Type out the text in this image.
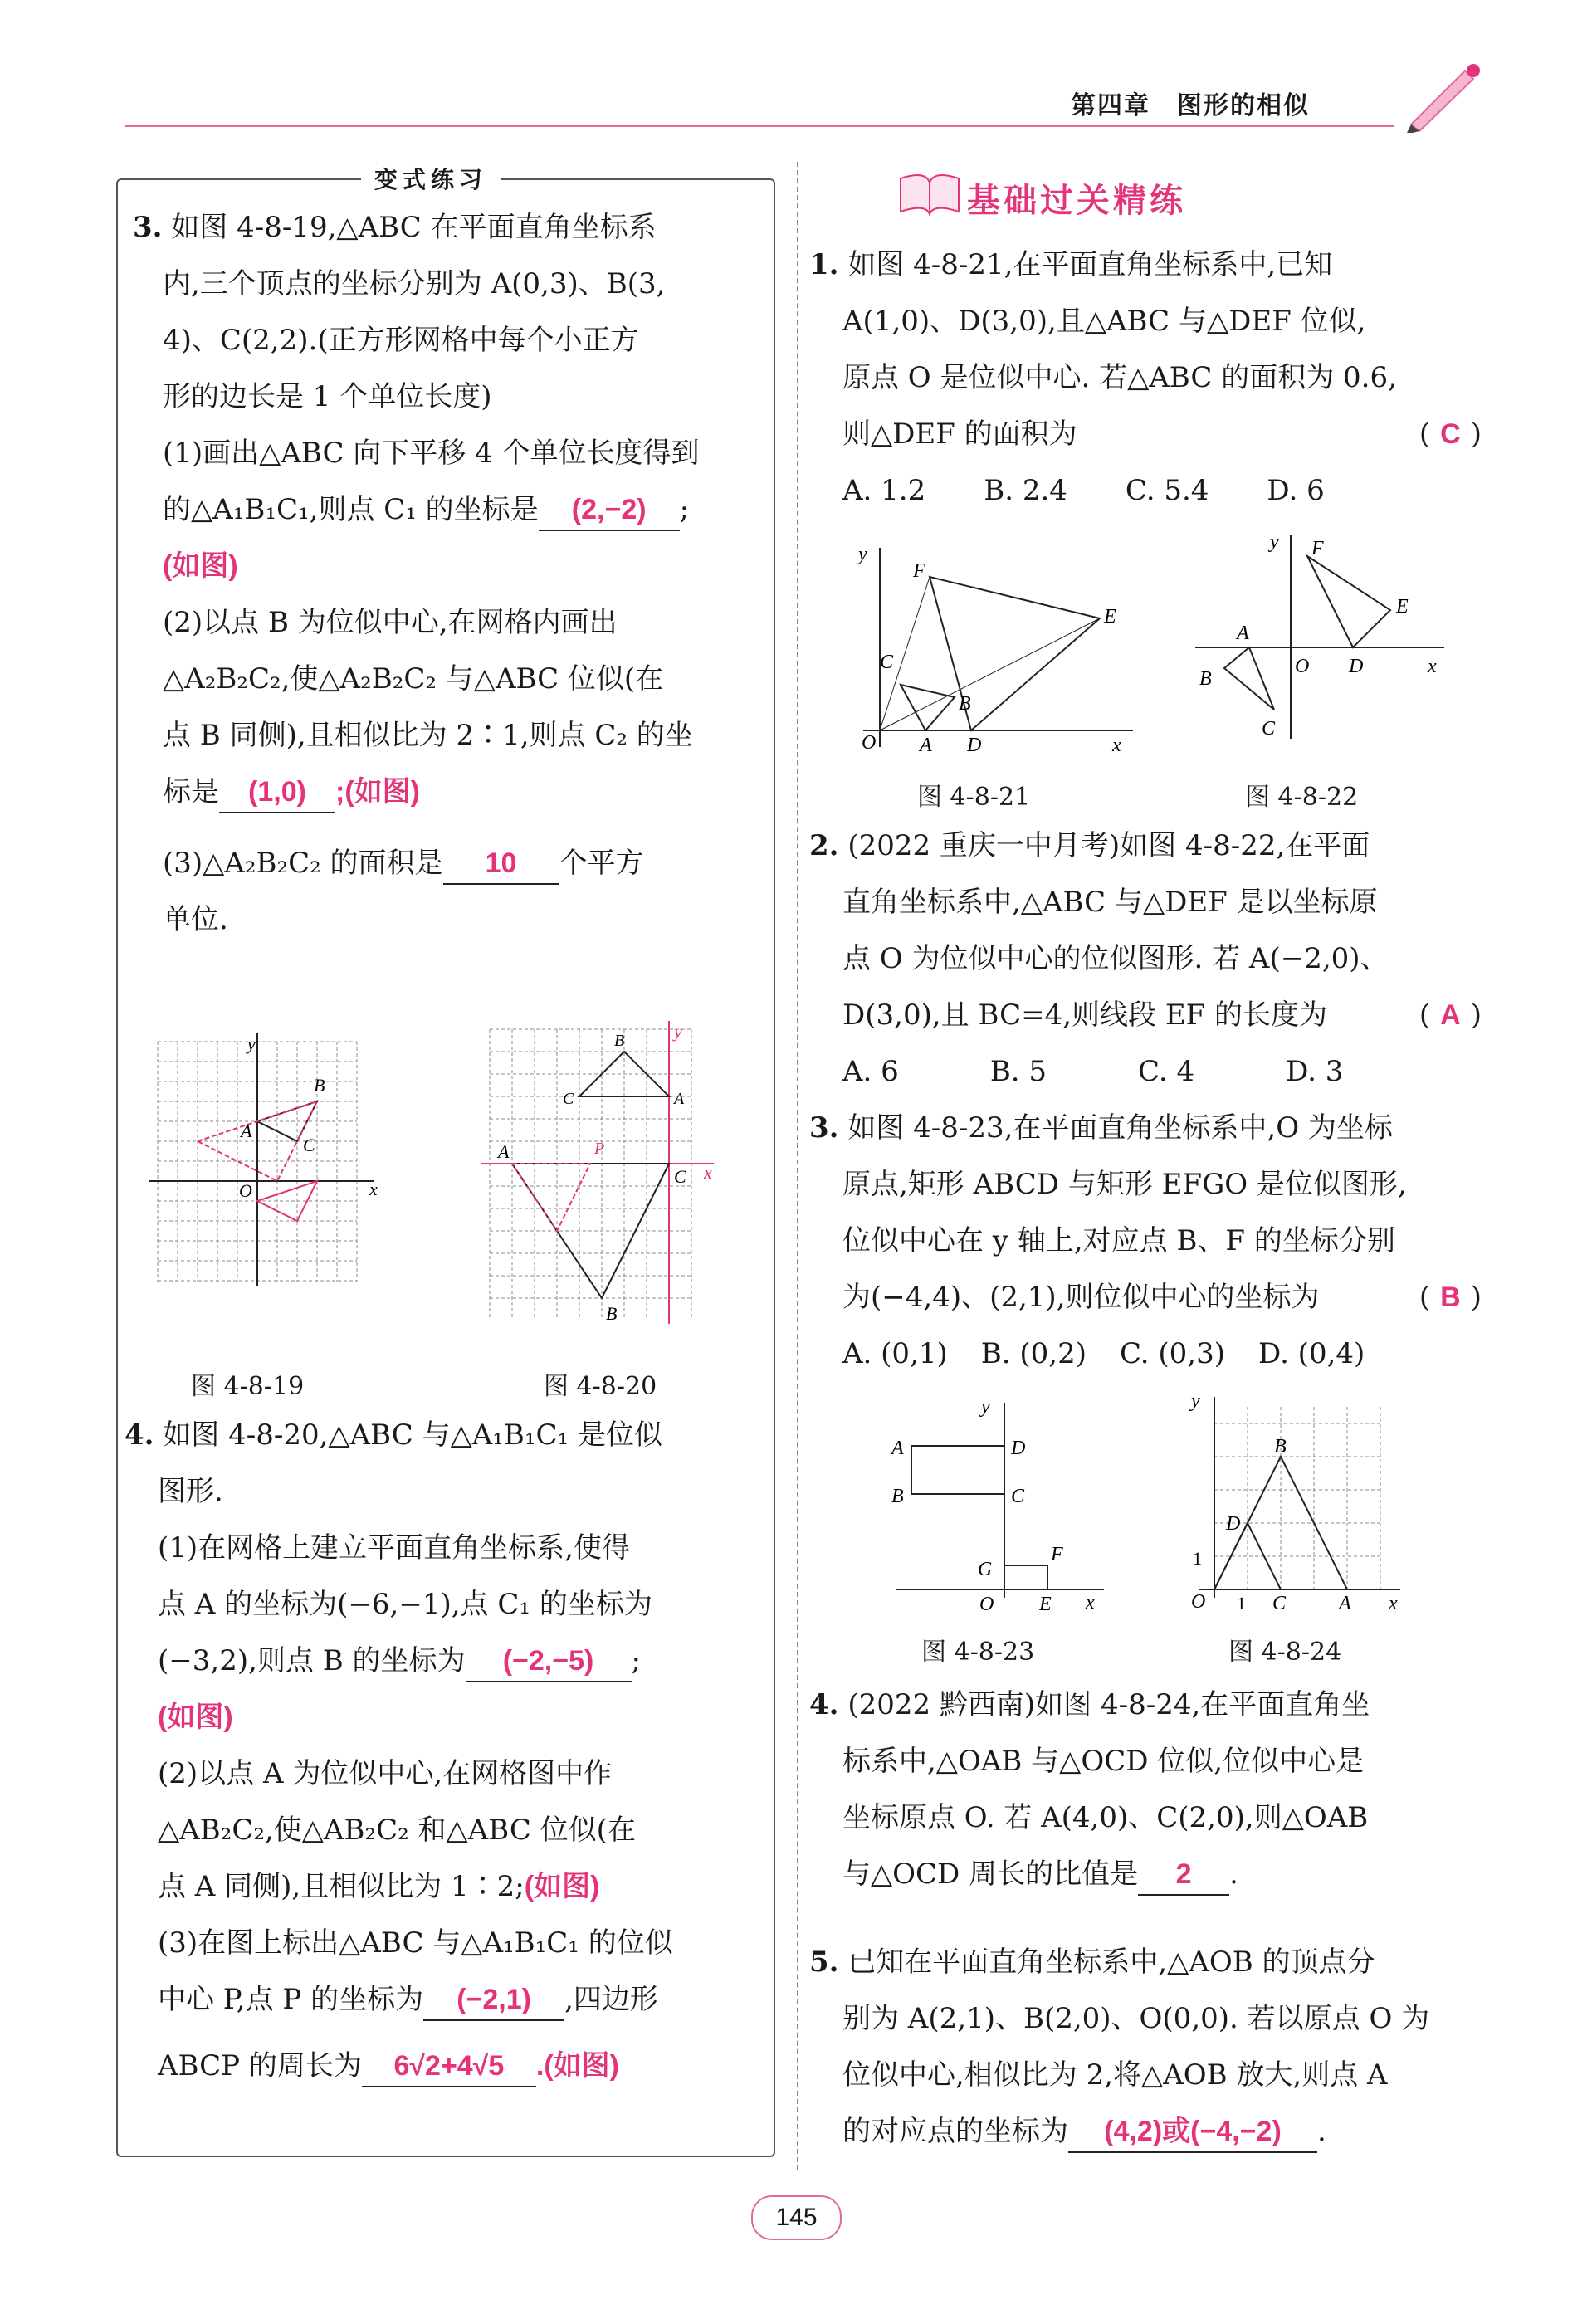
第四章　图形的相似
变式练习
3. 如图 4-8-19,△ABC 在平面直角坐标系
内,三个顶点的坐标分别为 A(0,3)、B(3,
4)、C(2,2).(正方形网格中每个小正方
形的边长是 1 个单位长度)
(1)画出△ABC 向下平移 4 个单位长度得到
的△A₁B₁C₁,则点 C₁ 的坐标是 (2,−2) ;
(如图)
(2)以点 B 为位似中心,在网格内画出
△A₂B₂C₂,使△A₂B₂C₂ 与△ABC 位似(在
点 B 同侧),且相似比为 2∶1,则点 C₂ 的坐
标是 (1,0) ;(如图)
(3)△A₂B₂C₂ 的面积是 10 个平方
单位.
y
x
O
A
B
C
y
x
A
C
B
B
C	A
P
图 4-8-19	图 4-8-20
4. 如图 4-8-20,△ABC 与△A₁B₁C₁ 是位似
图形.
(1)在网格上建立平面直角坐标系,使得
点 A 的坐标为(−6,−1),点 C₁ 的坐标为
(−3,2),则点 B 的坐标为 (−2,−5) ;
(如图)
(2)以点 A 为位似中心,在网格图中作
△AB₂C₂,使△AB₂C₂ 和△ABC 位似(在
点 A 同侧),且相似比为 1∶2;(如图)
(3)在图上标出△ABC 与△A₁B₁C₁ 的位似
中心 P,点 P 的坐标为 (−2,1) ,四边形
ABCP 的周长为 6√2+4√5 .(如图)
基础过关精练
1. 如图 4-8-21,在平面直角坐标系中,已知
A(1,0)、D(3,0),且△ABC 与△DEF 位似,
原点 O 是位似中心. 若△ABC 的面积为 0.6,
则△DEF 的面积为	( C )
A. 1.2 B. 2.4 C. 5.4 D. 6
y
x
O A
B
C
D
E
F
y
x
O
A
B
C
D
E
F
图 4-8-21	图 4-8-22
2. (2022 重庆一中月考)如图 4-8-22,在平面
直角坐标系中,△ABC 与△DEF 是以坐标原
点 O 为位似中心的位似图形. 若 A(−2,0)、
D(3,0),且 BC=4,则线段 EF 的长度为	( A )
A. 6	B. 5	C. 4	D. 3
3. 如图 4-8-23,在平面直角坐标系中,O 为坐标
原点,矩形 ABCD 与矩形 EFGO 是位似图形,
位似中心在 y 轴上,对应点 B、F 的坐标分别
为(−4,4)、(2,1),则位似中心的坐标为	( B )
A. (0,1) B. (0,2) C. (0,3) D. (0,4)
y
x
A
B	C
D
G
F
O E
y
x
O
1
1 C	A
D
B
图 4-8-23	图 4-8-24
4. (2022 黔西南)如图 4-8-24,在平面直角坐
标系中,△OAB 与△OCD 位似,位似中心是
坐标原点 O. 若 A(4,0)、C(2,0),则△OAB
与△OCD 周长的比值是 2 .
5. 已知在平面直角坐标系中,△AOB 的顶点分
别为 A(2,1)、B(2,0)、O(0,0). 若以原点 O 为
位似中心,相似比为 2,将△AOB 放大,则点 A
的对应点的坐标为 (4,2)或(−4,−2) .
145
